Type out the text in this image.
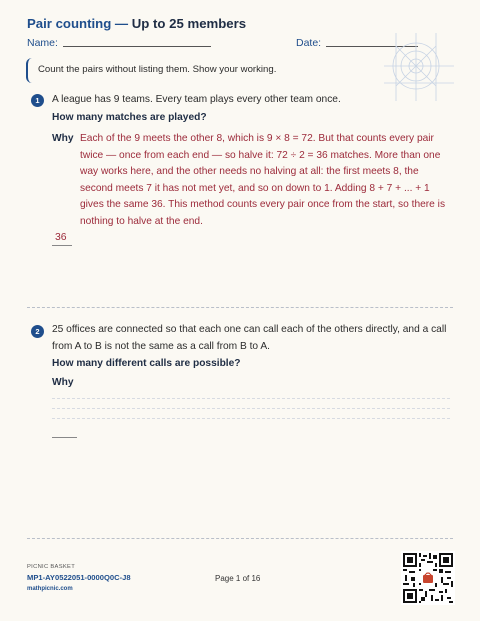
Pair counting — Up to 25 members
Name:	Date:
Count the pairs without listing them. Show your working.
1	A league has 9 teams. Every team plays every other team once.
How many matches are played?
Why Each of the 9 meets the other 8, which is 9 × 8 = 72. But that counts every pair
twice — once from each end — so halve it: 72 ÷ 2 = 36 matches. More than one
way works here, and the other needs no halving at all: the first meets 8, the
second meets 7 it has not met yet, and so on down to 1. Adding 8 + 7 + ... + 1
gives the same 36. This method counts every pair once from the start, so there is
nothing to halve at the end.
36
2	25 offices are connected so that each one can call each of the others directly, and a call
from A to B is not the same as a call from B to A.
How many different calls are possible?
Why
PICNIC BASKET
MP1-AY0522051-0000Q0C-J8
mathpicnic.com
Page 1 of 16
